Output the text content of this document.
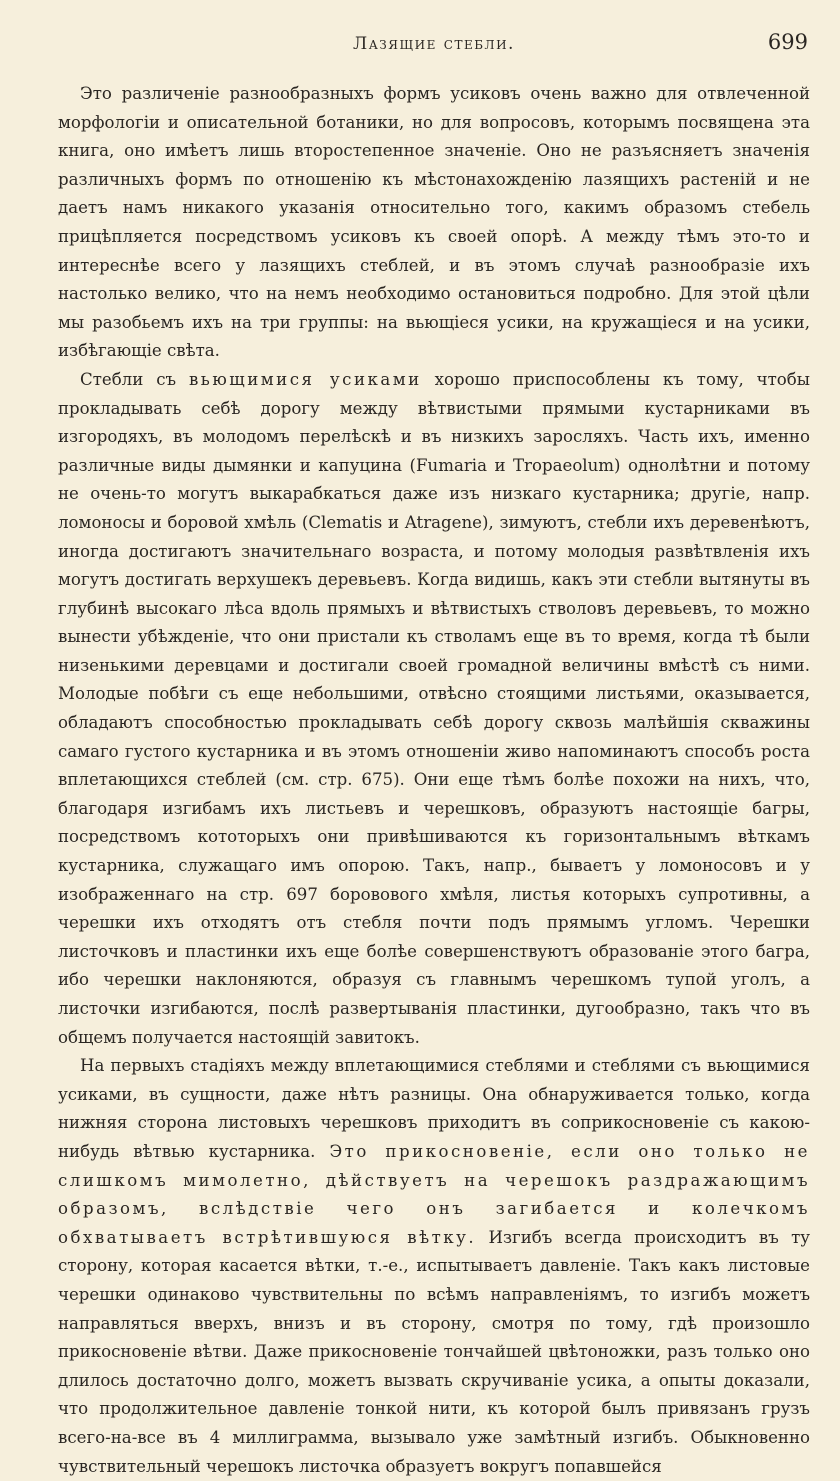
Лазящие стебли.	699

Это различеніе разнообразныхъ формъ усиковъ очень важно для отвлеченной морфологіи и описательной ботаники, но для вопросовъ, которымъ посвящена эта книга, оно имѣетъ лишь второстепенное значеніе. Оно не разъясняетъ значенія различныхъ формъ по отношенію къ мѣстонахожденію лазящихъ растеній и не даетъ намъ никакого указанія относительно того, какимъ образомъ стебель прицѣпляется посредствомъ усиковъ къ своей опорѣ. А между тѣмъ это-то и интереснѣе всего у лазящихъ стеблей, и въ этомъ случаѣ разнообразіе ихъ настолько велико, что на немъ необходимо остановиться подробно. Для этой цѣли мы разобьемъ ихъ на три группы: на вьющіеся усики, на кружащіеся и на усики, избѣгающіе свѣта.

Стебли съ вьющимися усиками хорошо приспособлены къ тому, чтобы прокладывать себѣ дорогу между вѣтвистыми прямыми кустарниками въ изгородяхъ, въ молодомъ перелѣскѣ и въ низкихъ заросляхъ. Часть ихъ, именно различные виды дымянки и капуцина (Fumaria и Tropaeolum) однолѣтни и потому не очень-то могутъ выкарабкаться даже изъ низкаго кустарника; другіе, напр. ломоносы и боровой хмѣль (Clematis и Atragene), зимуютъ, стебли ихъ деревенѣютъ, иногда достигаютъ значительнаго возраста, и потому молодыя развѣтвленія ихъ могутъ достигать верхушекъ деревьевъ. Когда видишь, какъ эти стебли вытянуты въ глубинѣ высокаго лѣса вдоль прямыхъ и вѣтвистыхъ стволовъ деревьевъ, то можно вынести убѣжденіе, что они пристали къ стволамъ еще въ то время, когда тѣ были низенькими деревцами и достигали своей громадной величины вмѣстѣ съ ними. Молодые побѣги съ еще небольшими, отвѣсно стоящими листьями, оказывается, обладаютъ способностью прокладывать себѣ дорогу сквозь малѣйшія скважины самаго густого кустарника и въ этомъ отношеніи живо напоминаютъ способъ роста вплетающихся стеблей (см. стр. 675). Они еще тѣмъ болѣе похожи на нихъ, что, благодаря изгибамъ ихъ листьевъ и черешковъ, образуютъ настоящіе багры, посредствомъ кототорыхъ они привѣшиваются къ горизонтальнымъ вѣткамъ кустарника, служащаго имъ опорою. Такъ, напр., бываетъ у ломоносовъ и у изображеннаго на стр. 697 боровового хмѣля, листья которыхъ супротивны, а черешки ихъ отходятъ отъ стебля почти подъ прямымъ угломъ. Черешки листочковъ и пластинки ихъ еще болѣе совершенствуютъ образованіе этого багра, ибо черешки наклоняются, образуя съ главнымъ черешкомъ тупой уголъ, а листочки изгибаются, послѣ развертыванія пластинки, дугообразно, такъ что въ общемъ получается настоящій завитокъ.

На первыхъ стадіяхъ между вплетающимися стеблями и стеблями съ вьющимися усиками, въ сущности, даже нѣтъ разницы. Она обнаруживается только, когда нижняя сторона листовыхъ черешковъ приходитъ въ соприкосновеніе съ какою-нибудь вѣтвью кустарника. Это прикосновеніе, если оно только не слишкомъ мимолетно, дѣйствуетъ на черешокъ раздражающимъ образомъ, вслѣдствіе чего онъ загибается и колечкомъ обхватываетъ встрѣтившуюся вѣтку. Изгибъ всегда происходитъ въ ту сторону, которая касается вѣтки, т.-е., испытываетъ давленіе. Такъ какъ листовые черешки одинаково чувствительны по всѣмъ направленіямъ, то изгибъ можетъ направляться вверхъ, внизъ и въ сторону, смотря по тому, гдѣ произошло прикосновеніе вѣтви. Даже прикосновеніе тончайшей цвѣтоножки, разъ только оно длилось достаточно долго, можетъ вызвать скручиваніе усика, а опыты доказали, что продолжительное давленіе тонкой нити, къ которой былъ привязанъ грузъ всего-на-все въ 4 миллиграмма, вызывало уже замѣтный изгибъ. Обыкновенно чувствительный черешокъ листочка образуетъ вокругъ попавшейся
